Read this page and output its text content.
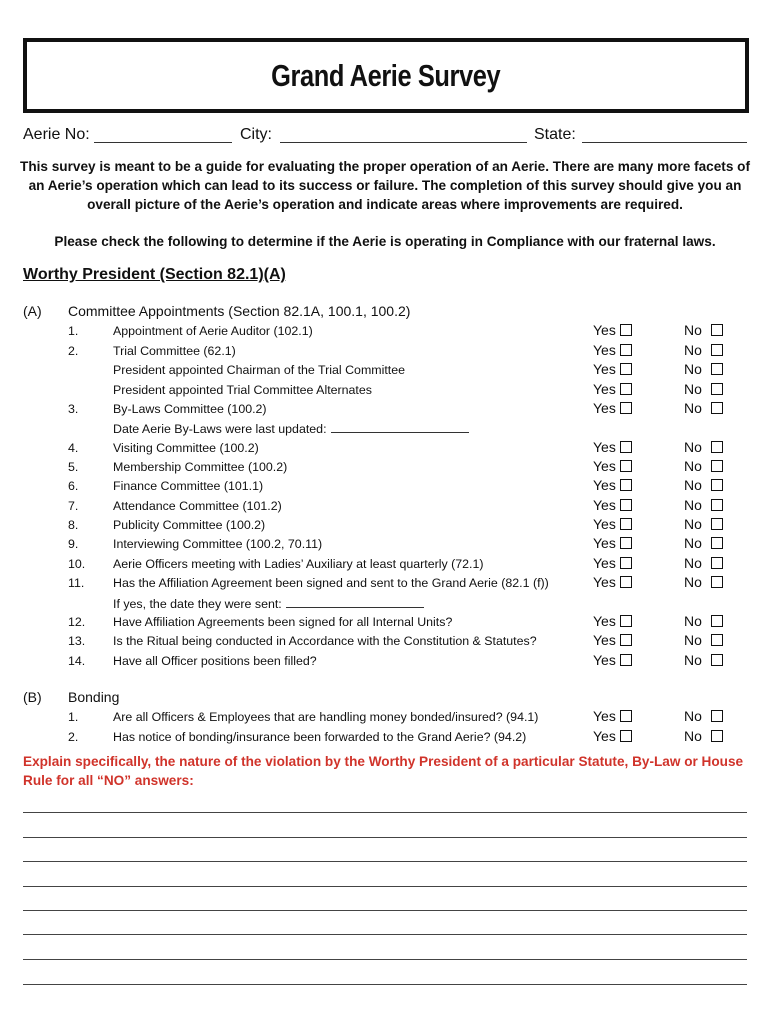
Grand Aerie Survey
Aerie No:	City:	State:
This survey is meant to be a guide for evaluating the proper operation of an Aerie. There are many more facets of an Aerie’s operation which can lead to its success or failure. The completion of this survey should give you an overall picture of the Aerie’s operation and indicate areas where improvements are required.
Please check the following to determine if the Aerie is operating in Compliance with our fraternal laws.
Worthy President (Section 82.1)(A)
(A) Committee Appointments (Section 82.1A, 100.1, 100.2)
1.	Appointment of Aerie Auditor (102.1)	Yes	No
2.	Trial Committee (62.1)	Yes	No
President appointed Chairman of the Trial Committee	Yes	No
President appointed Trial Committee Alternates	Yes	No
3.	By-Laws Committee (100.2)	Yes	No
Date Aerie By-Laws were last updated:
4.	Visiting Committee (100.2)	Yes	No
5.	Membership Committee (100.2)	Yes	No
6.	Finance Committee (101.1)	Yes	No
7.	Attendance Committee (101.2)	Yes	No
8.	Publicity Committee (100.2)	Yes	No
9.	Interviewing Committee (100.2, 70.11)	Yes	No
10. Aerie Officers meeting with Ladies’ Auxiliary at least quarterly (72.1)	Yes	No
11. Has the Affiliation Agreement been signed and sent to the Grand Aerie (82.1 (f))	Yes	No
If yes, the date they were sent:
12. Have Affiliation Agreements been signed for all Internal Units?	Yes	No
13. Is the Ritual being conducted in Accordance with the Constitution & Statutes?	Yes	No
14. Have all Officer positions been filled?	Yes	No
(B) Bonding
1.	Are all Officers & Employees that are handling money bonded/insured? (94.1)	Yes	No
2.	Has notice of bonding/insurance been forwarded to the Grand Aerie? (94.2)	Yes	No
Explain specifically, the nature of the violation by the Worthy President of a particular Statute, By-Law or House Rule for all “NO” answers:
